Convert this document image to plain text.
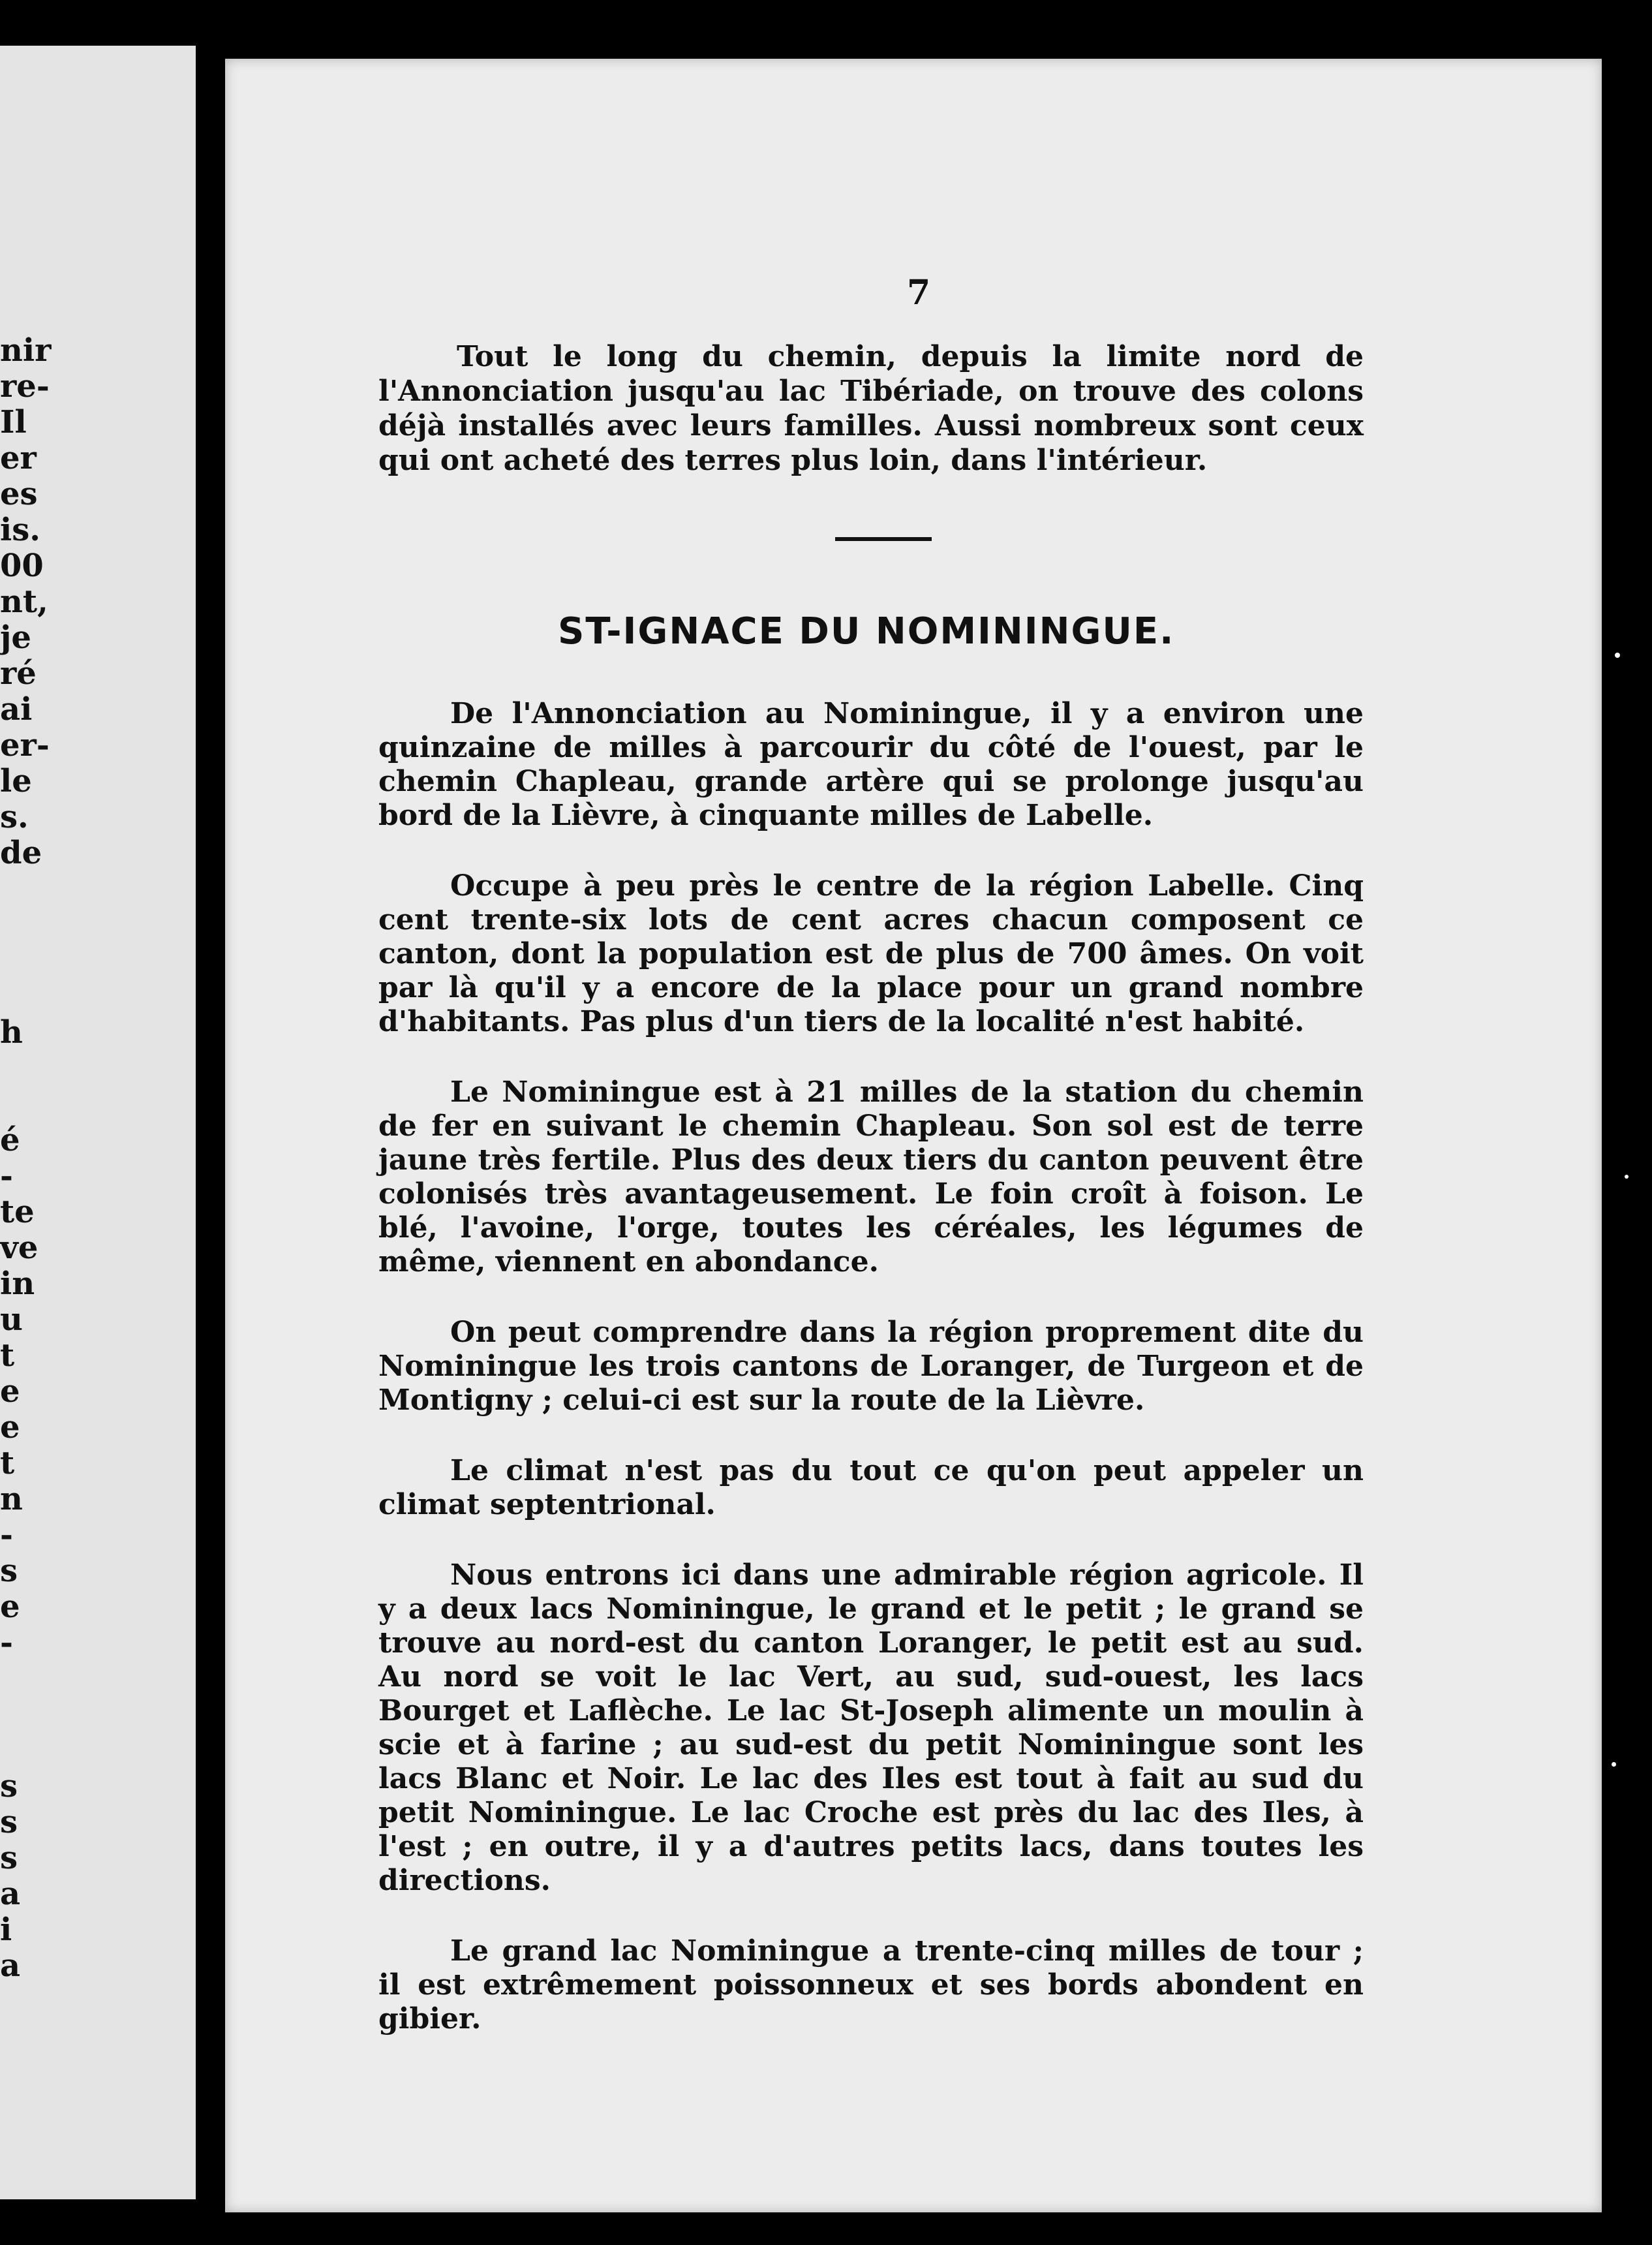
nir
re-
Il
er
es
is.
00
nt,
je
ré
ai
er-
le
s.
de
h
é
-
te
ve
in
u
t
e
e
t
n
-
s
e
-
s
s
s
a
i
a
7

Tout le long du chemin, depuis la limite nord de l'Annonciation jusqu'au lac Tibériade, on trouve des colons déjà installés avec leurs familles. Aussi nombreux sont ceux qui ont acheté des terres plus loin, dans l'intérieur.

ST-IGNACE DU NOMININGUE.

De l'Annonciation au Nominingue, il y a environ une quinzaine de milles à parcourir du côté de l'ouest, par le chemin Chapleau, grande artère qui se prolonge jusqu'au bord de la Lièvre, à cinquante milles de Labelle.

Occupe à peu près le centre de la région Labelle. Cinq cent trente-six lots de cent acres chacun composent ce canton, dont la population est de plus de 700 âmes. On voit par là qu'il y a encore de la place pour un grand nombre d'habitants. Pas plus d'un tiers de la localité n'est habité.

Le Nominingue est à 21 milles de la station du chemin de fer en suivant le chemin Chapleau. Son sol est de terre jaune très fertile. Plus des deux tiers du canton peuvent être colonisés très avantageusement. Le foin croît à foison. Le blé, l'avoine, l'orge, toutes les céréales, les légumes de même, viennent en abondance.

On peut comprendre dans la région proprement dite du Nominingue les trois cantons de Loranger, de Turgeon et de Montigny ; celui-ci est sur la route de la Lièvre.

Le climat n'est pas du tout ce qu'on peut appeler un climat septentrional.

Nous entrons ici dans une admirable région agricole. Il y a deux lacs Nominingue, le grand et le petit ; le grand se trouve au nord-est du canton Loranger, le petit est au sud. Au nord se voit le lac Vert, au sud, sud-ouest, les lacs Bourget et Laflèche. Le lac St-Joseph alimente un moulin à scie et à farine ; au sud-est du petit Nominingue sont les lacs Blanc et Noir. Le lac des Iles est tout à fait au sud du petit Nominingue. Le lac Croche est près du lac des Iles, à l'est ; en outre, il y a d'autres petits lacs, dans toutes les directions.

Le grand lac Nominingue a trente-cinq milles de tour ; il est extrêmement poissonneux et ses bords abondent en gibier.
